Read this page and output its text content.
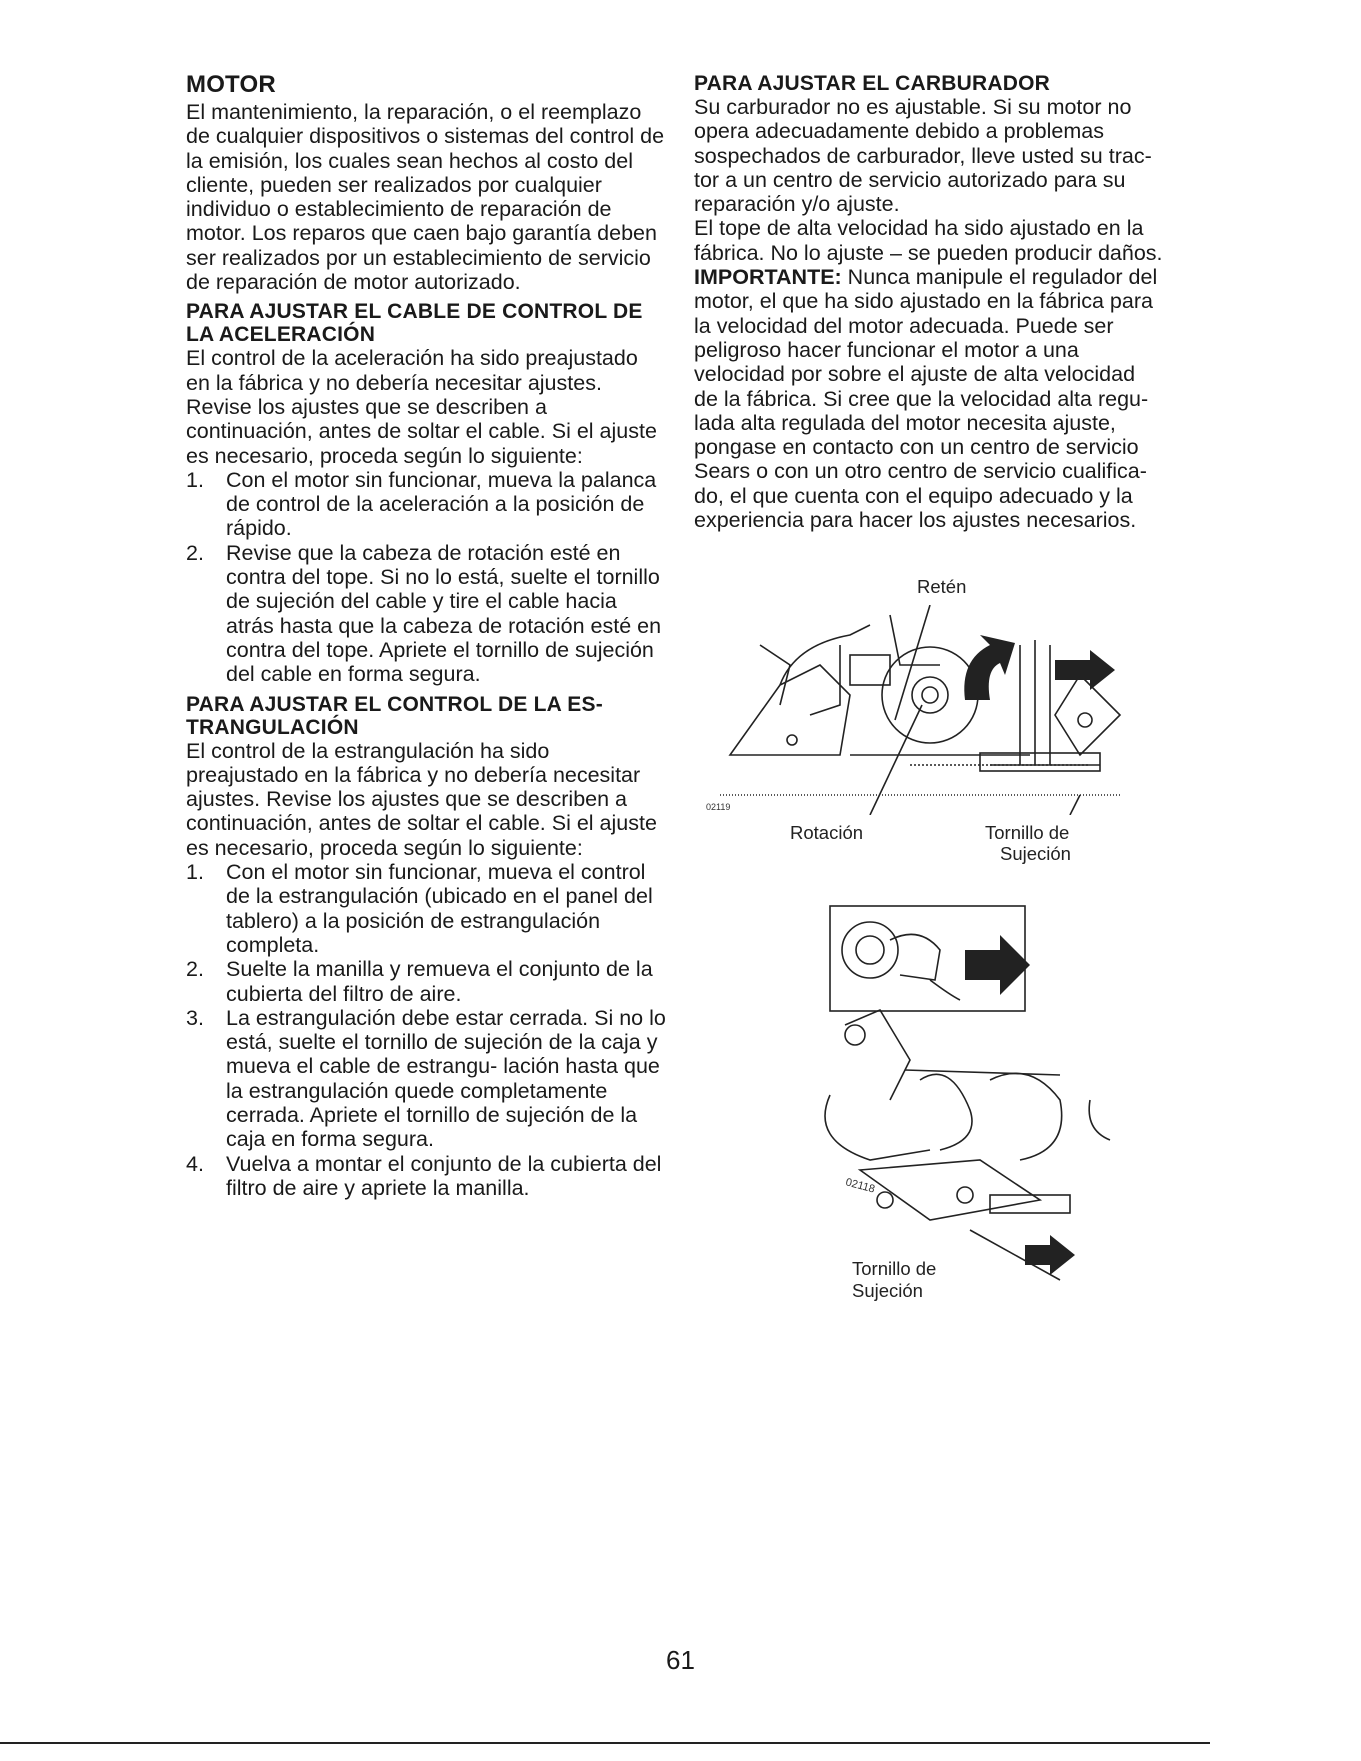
MOTOR

El mantenimiento, la reparación, o el reemplazo de cualquier dispositivos o sistemas del control de la emisión, los cuales sean hechos al costo del cliente, pueden ser realizados por cualquier individuo o establecimiento de reparación de motor. Los reparos que caen bajo garantía deben ser realizados por un establecimiento de servicio de reparación de motor autorizado.

PARA AJUSTAR EL CABLE DE CONTROL DE LA ACELERACIÓN

El control de la aceleración ha sido preajustado en la fábrica y no debería necesitar ajustes. Revise los ajustes que se describen a continuación, antes de soltar el cable. Si el ajuste es necesario, proceda según lo siguiente:

1. Con el motor sin funcionar, mueva la palanca de control de la aceleración a la posición de rápido.
2. Revise que la cabeza de rotación esté en contra del tope. Si no lo está, suelte el tornillo de sujeción del cable y tire el cable hacia atrás hasta que la cabeza de rotación esté en contra del tope. Apriete el tornillo de sujeción del cable en forma segura.
PARA AJUSTAR EL CONTROL DE LA ES- TRANGULACIÓN

El control de la estrangulación ha sido preajustado en la fábrica y no debería necesitar ajustes. Revise los ajustes que se describen a continuación, antes de soltar el cable. Si el ajuste es necesario, proceda según lo siguiente:

1. Con el motor sin funcionar, mueva el control de la estrangulación (ubicado en el panel del tablero) a la posición de estrangulación completa.
2. Suelte la manilla y remueva el conjunto de la cubierta del filtro de aire.
3. La estrangulación debe estar cerrada. Si no lo está, suelte el tornillo de sujeción de la caja y mueva el cable de estrangu- lación hasta que la estrangulación quede completamente cerrada. Apriete el tornillo de sujeción de la caja en forma segura.
4. Vuelva a montar el conjunto de la cubierta del filtro de aire y apriete la manilla.
PARA AJUSTAR EL CARBURADOR

Su carburador no es ajustable. Si su motor no opera adecuadamente debido a problemas sospechados de carburador, lleve usted su trac- tor a un centro de servicio autorizado para su reparación y/o ajuste.

El tope de alta velocidad ha sido ajustado en la fábrica. No lo ajuste – se pueden producir daños.

IMPORTANTE: Nunca manipule el regulador del motor, el que ha sido ajustado en la fábrica para la velocidad del motor adecuada. Puede ser peligroso hacer funcionar el motor a una velocidad por sobre el ajuste de alta velocidad de la fábrica. Si cree que la velocidad alta regu- lada alta regulada del motor necesita ajuste, pongase en contacto con un centro de servicio Sears o con un otro centro de servicio cualifica- do, el que cuenta con el equipo adecuado y la experiencia para hacer los ajustes necesarios.

Retén
02119
Rotación	Tornillo de
Sujeción
02118
Tornillo de
Sujeción
61
